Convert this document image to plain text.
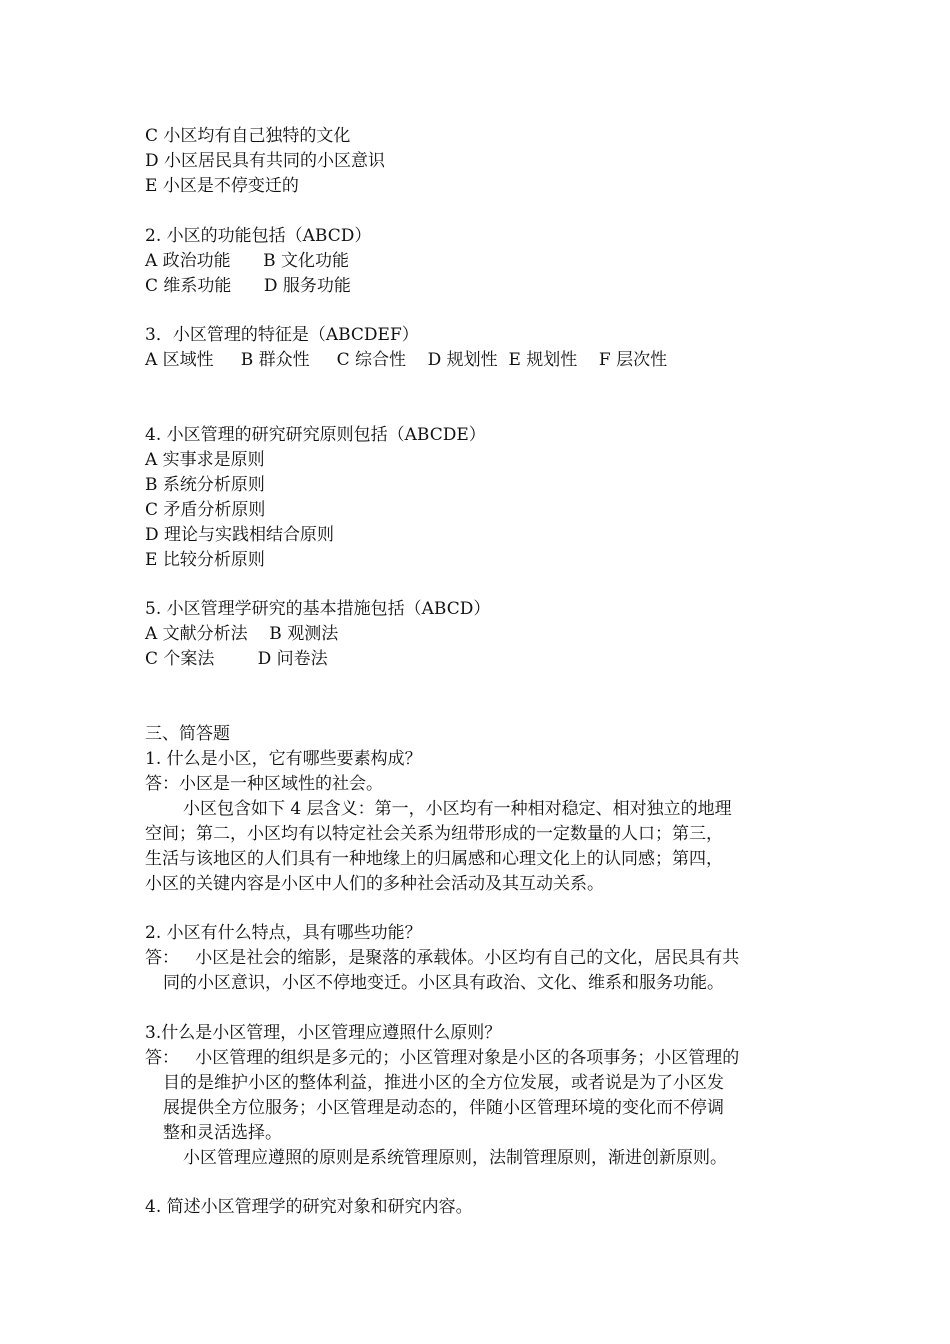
C 小区均有自己独特的文化
D 小区居民具有共同的小区意识
E 小区是不停变迁的
2. 小区的功能包括（ABCD）
A 政治功能      B 文化功能
C 维系功能      D 服务功能
3．小区管理的特征是（ABCDEF）
A 区域性     B 群众性     C 综合性    D 规划性  E 规划性    F 层次性
4. 小区管理的研究研究原则包括（ABCDE）
A 实事求是原则
B 系统分析原则
C 矛盾分析原则
D 理论与实践相结合原则
E 比较分析原则
5. 小区管理学研究的基本措施包括（ABCD）
A 文献分析法    B 观测法
C 个案法        D 问卷法
三、简答题
1. 什么是小区，它有哪些要素构成？
答：小区是一种区域性的社会。
小区包含如下 4 层含义：第一，小区均有一种相对稳定、相对独立的地理
空间；第二，小区均有以特定社会关系为纽带形成的一定数量的人口；第三，
生活与该地区的人们具有一种地缘上的归属感和心理文化上的认同感；第四，
小区的关键内容是小区中人们的多种社会活动及其互动关系。
2. 小区有什么特点，具有哪些功能？
答：   小区是社会的缩影，是聚落的承载体。小区均有自己的文化，居民具有共
同的小区意识，小区不停地变迁。小区具有政治、文化、维系和服务功能。
3.什么是小区管理，小区管理应遵照什么原则？
答：   小区管理的组织是多元的；小区管理对象是小区的各项事务；小区管理的
目的是维护小区的整体利益，推进小区的全方位发展，或者说是为了小区发
展提供全方位服务；小区管理是动态的，伴随小区管理环境的变化而不停调
整和灵活选择。
小区管理应遵照的原则是系统管理原则，法制管理原则，渐进创新原则。
4. 简述小区管理学的研究对象和研究内容。
